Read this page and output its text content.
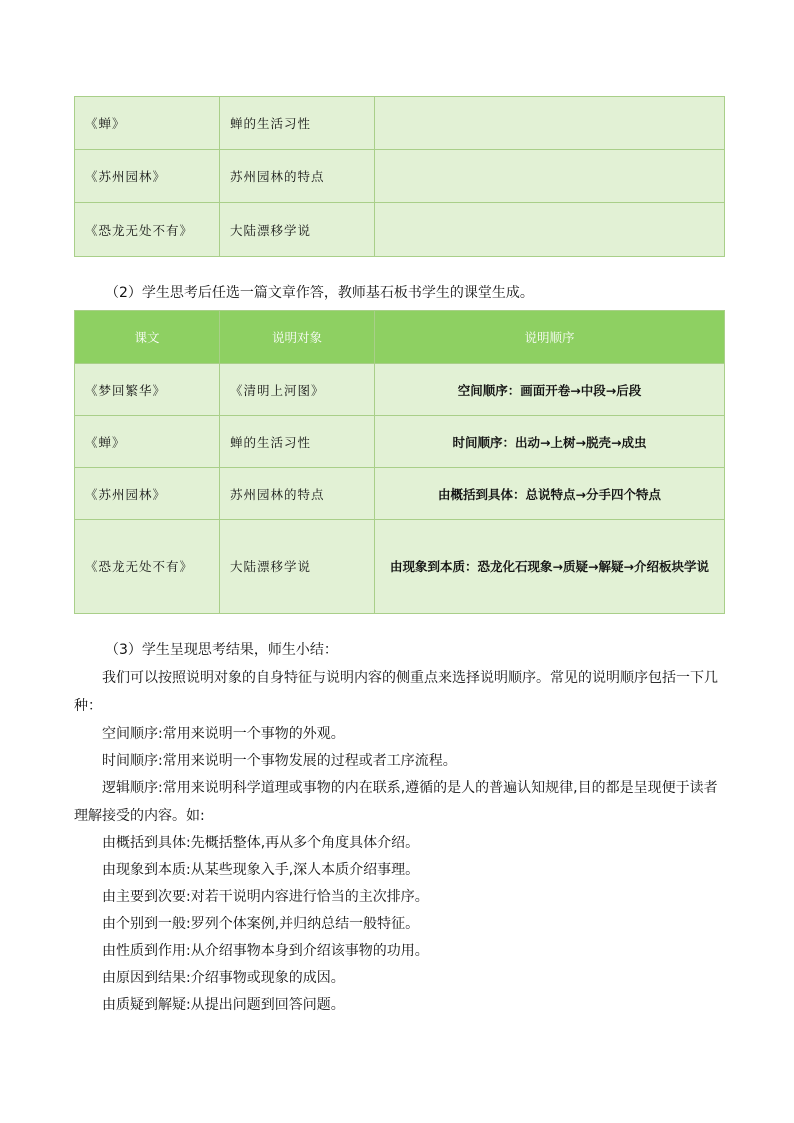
《蝉》	蝉的生活习性	
《苏州园林》	苏州园林的特点	
《恐龙无处不有》	大陆漂移学说	

（2）学生思考后任选一篇文章作答，教师基石板书学生的课堂生成。

课文	说明对象	说明顺序
《梦回繁华》	《清明上河图》	空间顺序：画面开卷→中段→后段
《蝉》	蝉的生活习性	时间顺序：出动→上树→脱壳→成虫
《苏州园林》	苏州园林的特点	由概括到具体：总说特点→分手四个特点
《恐龙无处不有》	大陆漂移学说	由现象到本质：恐龙化石现象→质疑→解疑→介绍板块学说

（3）学生呈现思考结果，师生小结：

我们可以按照说明对象的自身特征与说明内容的侧重点来选择说明顺序。常见的说明顺序包括一下几种：

空间顺序:常用来说明一个事物的外观。

时间顺序:常用来说明一个事物发展的过程或者工序流程。

逻辑顺序:常用来说明科学道理或事物的内在联系,遵循的是人的普遍认知规律,目的都是呈现便于读者理解接受的内容。如:

由概括到具体:先概括整体,再从多个角度具体介绍。

由现象到本质:从某些现象入手,深人本质介绍事理。

由主要到次要:对若干说明内容进行恰当的主次排序。

由个别到一般:罗列个体案例,并归纳总结一般特征。

由性质到作用:从介绍事物本身到介绍该事物的功用。

由原因到结果:介绍事物或现象的成因。

由质疑到解疑:从提出问题到回答问题。
